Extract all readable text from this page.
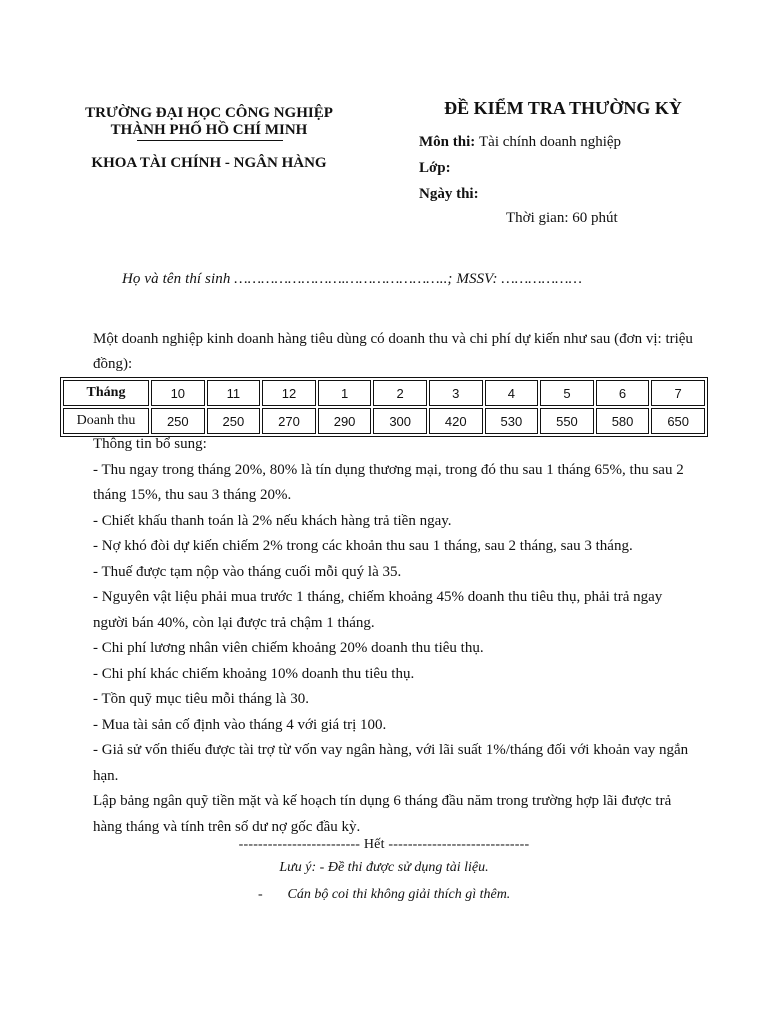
TRƯỜNG ĐẠI HỌC CÔNG NGHIỆP
THÀNH PHỐ HỒ CHÍ MINH
KHOA TÀI CHÍNH - NGÂN HÀNG
ĐỀ KIỂM TRA THƯỜNG KỲ
Môn thi: Tài chính doanh nghiệp
Lớp:
Ngày thi:
Thời gian: 60 phút
Họ và tên thí sinh …………………….…………………..; MSSV: ………………
Một doanh nghiệp kinh doanh hàng tiêu dùng có doanh thu và chi phí dự kiến như sau (đơn vị: triệu đồng):
Tháng	10	11	12	1	2	3	4	5	6	7
Doanh thu	250	250	270	290	300	420	530	550	580	650

Thông tin bổ sung:

- Thu ngay trong tháng 20%, 80% là tín dụng thương mại, trong đó thu sau 1 tháng 65%, thu sau 2 tháng 15%, thu sau 3 tháng 20%.

- Chiết khấu thanh toán là 2% nếu khách hàng trả tiền ngay.

- Nợ khó đòi dự kiến chiếm 2% trong các khoản thu sau 1 tháng, sau 2 tháng, sau 3 tháng.

- Thuế được tạm nộp vào tháng cuối mỗi quý là 35.

- Nguyên vật liệu phải mua trước 1 tháng, chiếm khoảng 45% doanh thu tiêu thụ, phải trả ngay người bán 40%, còn lại được trả chậm 1 tháng.

- Chi phí lương nhân viên chiếm khoảng 20% doanh thu tiêu thụ.

- Chi phí khác chiếm khoảng 10% doanh thu tiêu thụ.

- Tồn quỹ mục tiêu mỗi tháng là 30.

- Mua tài sản cố định vào tháng 4 với giá trị 100.

- Giả sử vốn thiếu được tài trợ từ vốn vay ngân hàng, với lãi suất 1%/tháng đối với khoản vay ngắn hạn.

Lập bảng ngân quỹ tiền mặt và kế hoạch tín dụng 6 tháng đầu năm trong trường hợp lãi được trả hàng tháng và tính trên số dư nợ gốc đầu kỳ.

------------------------- Hết -----------------------------
Lưu ý: - Đề thi được sử dụng tài liệu.
- Cán bộ coi thi không giải thích gì thêm.
